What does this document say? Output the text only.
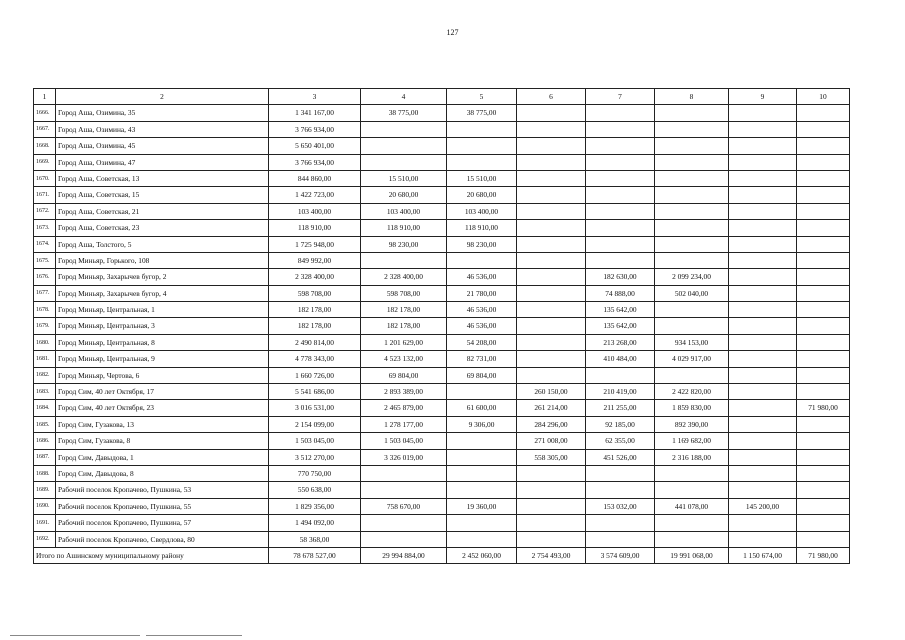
127
1	2	3	4	5	6	7	8	9	10
1666.	Город Аша, Озимина, 35	1 341 167,00	38 775,00	38 775,00					
1667.	Город Аша, Озимина, 43	3 766 934,00							
1668.	Город Аша, Озимина, 45	5 650 401,00							
1669.	Город Аша, Озимина, 47	3 766 934,00							
1670.	Город Аша, Советская, 13	844 860,00	15 510,00	15 510,00					
1671.	Город Аша, Советская, 15	1 422 723,00	20 680,00	20 680,00					
1672.	Город Аша, Советская, 21	103 400,00	103 400,00	103 400,00					
1673.	Город Аша, Советская, 23	118 910,00	118 910,00	118 910,00					
1674.	Город Аша, Толстого, 5	1 725 948,00	98 230,00	98 230,00					
1675.	Город Миньяр, Горького, 108	849 992,00							
1676.	Город Миньяр, Захарычев бугор, 2	2 328 400,00	2 328 400,00	46 536,00		182 630,00	2 099 234,00		
1677.	Город Миньяр, Захарычев бугор, 4	598 708,00	598 708,00	21 780,00		74 888,00	502 040,00		
1678.	Город Миньяр, Центральная, 1	182 178,00	182 178,00	46 536,00		135 642,00			
1679.	Город Миньяр, Центральная, 3	182 178,00	182 178,00	46 536,00		135 642,00			
1680.	Город Миньяр, Центральная, 8	2 490 814,00	1 201 629,00	54 208,00		213 268,00	934 153,00		
1681.	Город Миньяр, Центральная, 9	4 778 343,00	4 523 132,00	82 731,00		410 484,00	4 029 917,00		
1682.	Город Миньяр, Чертова, 6	1 660 726,00	69 804,00	69 804,00					
1683.	Город Сим, 40 лет Октября, 17	5 541 686,00	2 893 389,00		260 150,00	210 419,00	2 422 820,00		
1684.	Город Сим, 40 лет Октября, 23	3 016 531,00	2 465 879,00	61 600,00	261 214,00	211 255,00	1 859 830,00		71 980,00
1685.	Город Сим, Гузакова, 13	2 154 099,00	1 278 177,00	9 306,00	284 296,00	92 185,00	892 390,00		
1686.	Город Сим, Гузакова, 8	1 503 045,00	1 503 045,00		271 008,00	62 355,00	1 169 682,00		
1687.	Город Сим, Давыдова, 1	3 512 270,00	3 326 019,00		558 305,00	451 526,00	2 316 188,00		
1688.	Город Сим, Давыдова, 8	770 750,00							
1689.	Рабочий поселок Кропачево, Пушкина, 53	550 638,00							
1690.	Рабочий поселок Кропачево, Пушкина, 55	1 829 356,00	758 670,00	19 360,00		153 032,00	441 078,00	145 200,00	
1691.	Рабочий поселок Кропачево, Пушкина, 57	1 494 092,00							
1692.	Рабочий поселок Кропачево, Свердлова, 80	58 368,00							
Итого по Ашинскому муниципальному району		78 678 527,00	29 994 884,00	2 452 060,00	2 754 493,00	3 574 609,00	19 991 068,00	1 150 674,00	71 980,00
